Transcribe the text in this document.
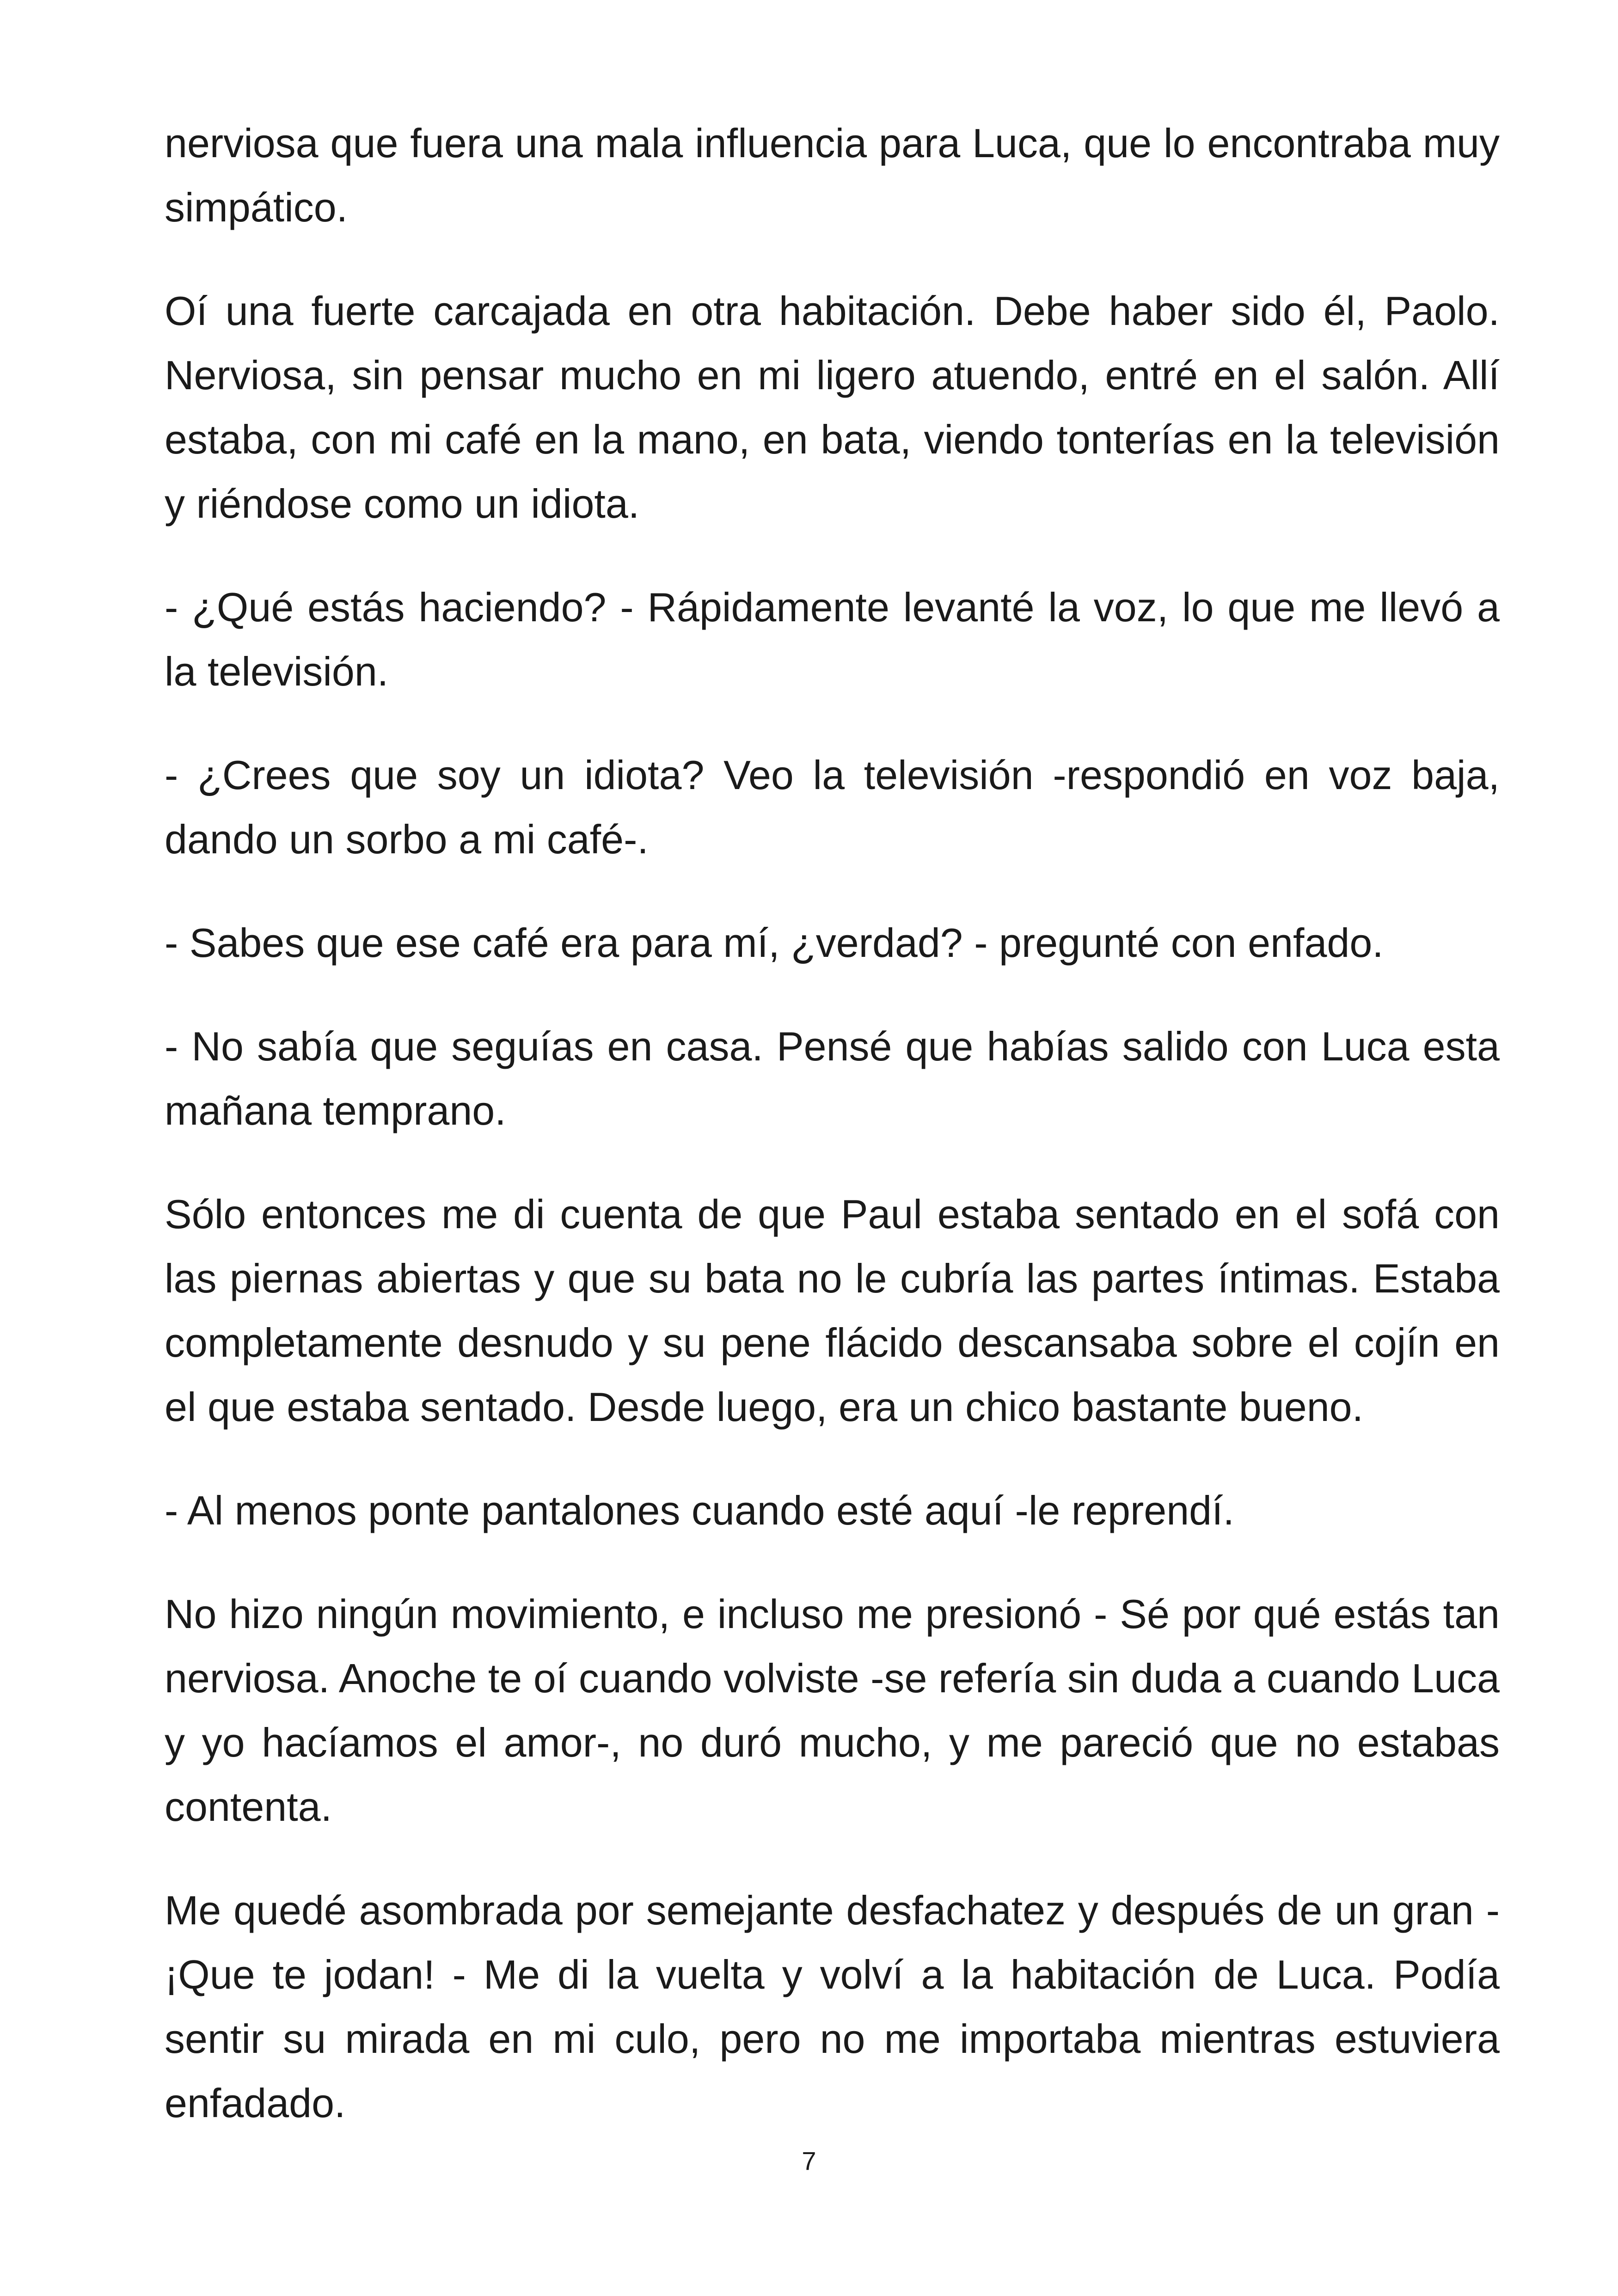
nerviosa que fuera una mala influencia para Luca, que lo encontraba muy simpático.

Oí una fuerte carcajada en otra habitación. Debe haber sido él, Paolo. Nerviosa, sin pensar mucho en mi ligero atuendo, entré en el salón. Allí estaba, con mi café en la mano, en bata, viendo tonterías en la televisión y riéndose como un idiota.

- ¿Qué estás haciendo? - Rápidamente levanté la voz, lo que me llevó a la televisión.

- ¿Crees que soy un idiota? Veo la televisión -respondió en voz baja, dando un sorbo a mi café-.

- Sabes que ese café era para mí, ¿verdad? - pregunté con enfado.

- No sabía que seguías en casa. Pensé que habías salido con Luca esta mañana temprano.

Sólo entonces me di cuenta de que Paul estaba sentado en el sofá con las piernas abiertas y que su bata no le cubría las partes íntimas. Estaba completamente desnudo y su pene flácido descansaba sobre el cojín en el que estaba sentado. Desde luego, era un chico bastante bueno.

- Al menos ponte pantalones cuando esté aquí -le reprendí.

No hizo ningún movimiento, e incluso me presionó - Sé por qué estás tan nerviosa. Anoche te oí cuando volviste -se refería sin duda a cuando Luca y yo hacíamos el amor-, no duró mucho, y me pareció que no estabas contenta.

Me quedé asombrada por semejante desfachatez y después de un gran -¡Que te jodan! - Me di la vuelta y volví a la habitación de Luca. Podía sentir su mirada en mi culo, pero no me importaba mientras estuviera enfadado.

7
